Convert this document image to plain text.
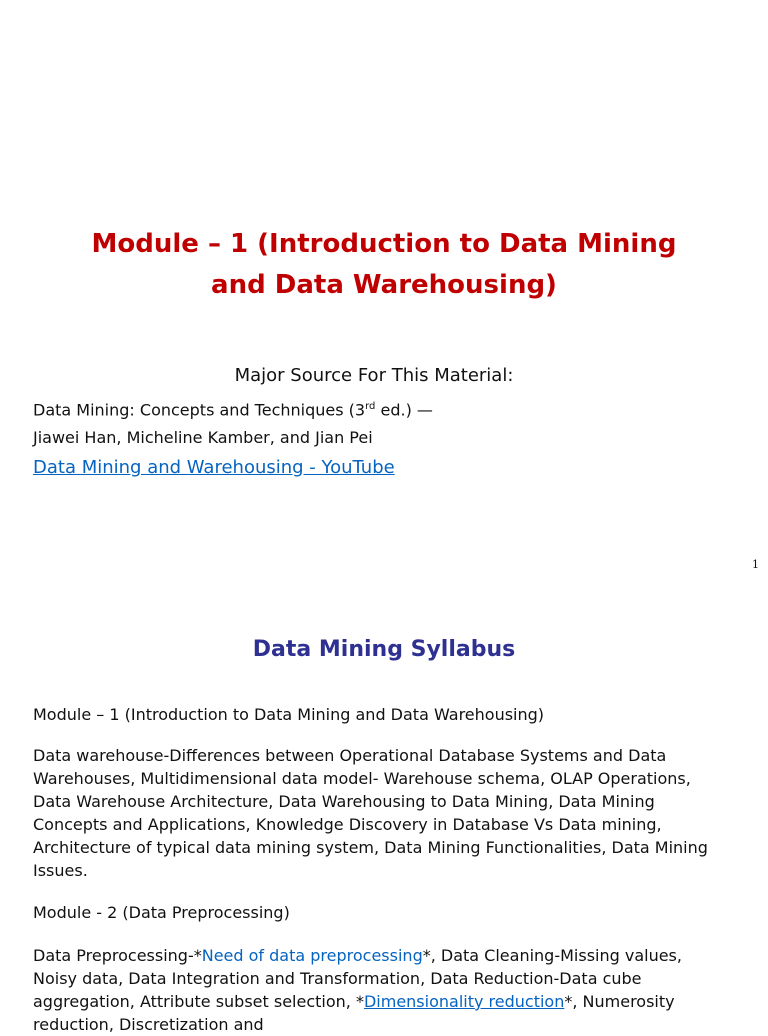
Module – 1 (Introduction to Data Mining
and Data Warehousing)
Major Source For This Material:
Data Mining: Concepts and Techniques (3rd ed.) —
Jiawei Han, Micheline Kamber, and Jian Pei
Data Mining and Warehousing - YouTube
1
Data Mining Syllabus
Module – 1 (Introduction to Data Mining and Data Warehousing)
Data warehouse-Differences between Operational Database Systems and Data Warehouses, Multidimensional data model- Warehouse schema, OLAP Operations, Data Warehouse Architecture, Data Warehousing to Data Mining, Data Mining Concepts and Applications, Knowledge Discovery in Database Vs Data mining, Architecture of typical data mining system, Data Mining Functionalities, Data Mining Issues.
Module - 2 (Data Preprocessing)
Data Preprocessing-*Need of data preprocessing*, Data Cleaning-Missing values, Noisy data, Data Integration and Transformation, Data Reduction-Data cube aggregation, Attribute subset selection, *Dimensionality reduction*, Numerosity reduction, Discretization and
